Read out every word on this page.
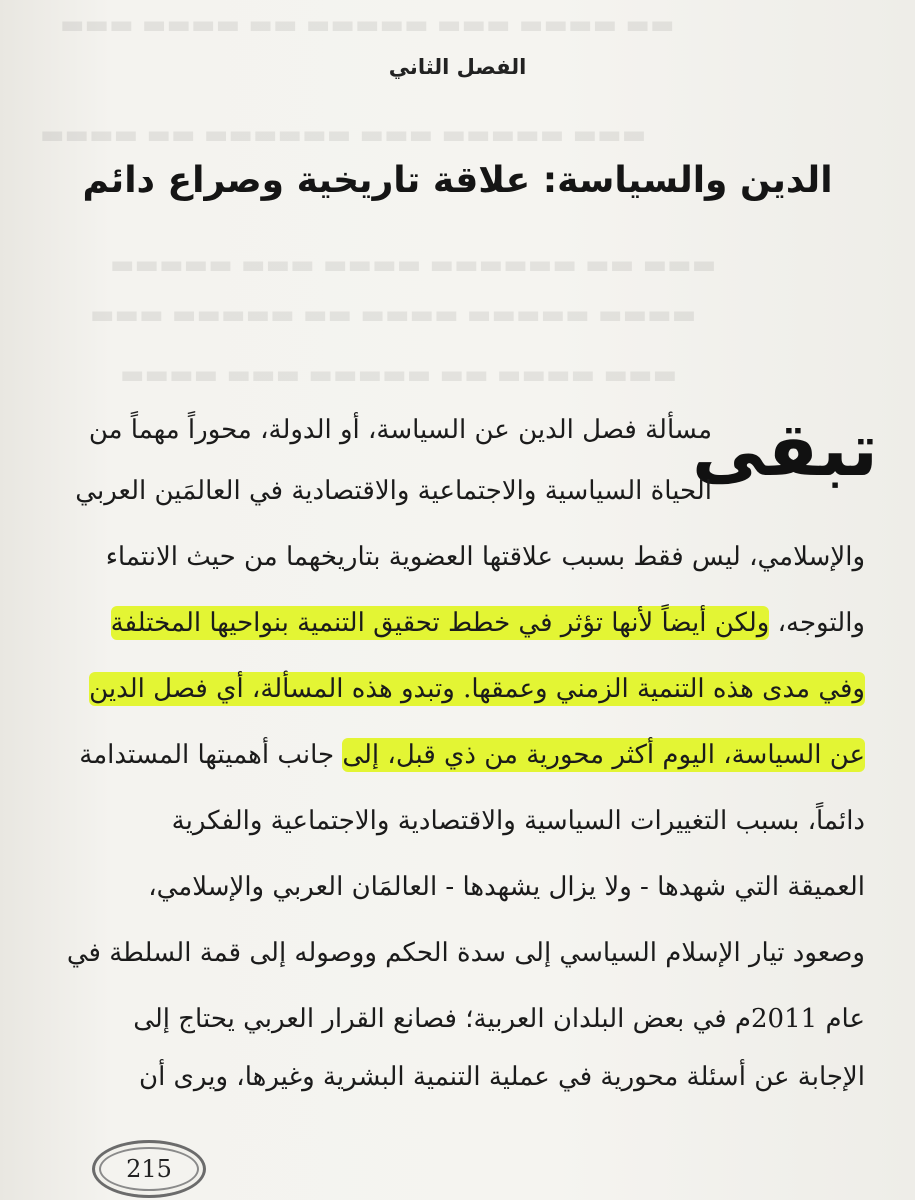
▬▬▬ ▬▬▬▬ ▬▬ ▬▬▬▬▬ ▬▬▬ ▬▬▬▬ ▬▬
▬▬▬▬ ▬▬ ▬▬▬▬▬▬ ▬▬▬ ▬▬▬▬▬ ▬▬▬
▬▬▬▬▬ ▬▬▬ ▬▬▬▬ ▬▬▬▬▬▬ ▬▬ ▬▬▬
▬▬▬ ▬▬▬▬▬ ▬▬ ▬▬▬▬ ▬▬▬▬▬ ▬▬▬▬
▬▬▬▬ ▬▬▬ ▬▬▬▬▬ ▬▬ ▬▬▬▬ ▬▬▬
الفصل الثاني
الدين والسياسة: علاقة تاريخية وصراع دائم
تبقى
مسألة فصل الدين عن السياسة، أو الدولة، محوراً مهماً من
الحياة السياسية والاجتماعية والاقتصادية في العالمَين العربي
والإسلامي، ليس فقط بسبب علاقتها العضوية بتاريخهما من حيث الانتماء
والتوجه، ولكن أيضاً لأنها تؤثر في خطط تحقيق التنمية بنواحيها المختلفة
وفي مدى هذه التنمية الزمني وعمقها. وتبدو هذه المسألة، أي فصل الدين
عن السياسة، اليوم أكثر محورية من ذي قبل، إلى جانب أهميتها المستدامة
دائماً، بسبب التغييرات السياسية والاقتصادية والاجتماعية والفكرية
العميقة التي شهدها - ولا يزال يشهدها - العالمَان العربي والإسلامي،
وصعود تيار الإسلام السياسي إلى سدة الحكم ووصوله إلى قمة السلطة في
عام 2011م في بعض البلدان العربية؛ فصانع القرار العربي يحتاج إلى
الإجابة عن أسئلة محورية في عملية التنمية البشرية وغيرها، ويرى أن
215
